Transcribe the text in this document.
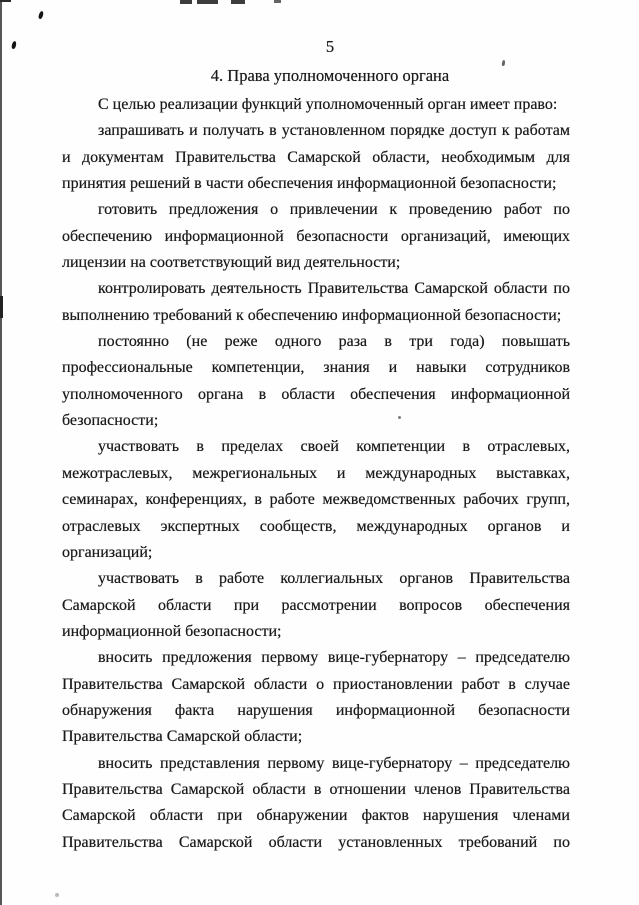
5
4. Права уполномоченного органа
С целью реализации функций уполномоченный орган имеет право:
запрашивать и получать в установленном порядке доступ к работам
и документам Правительства Самарской области, необходимым для
принятия решений в части обеспечения информационной безопасности;
готовить предложения о привлечении к проведению работ по
обеспечению информационной безопасности организаций, имеющих
лицензии на соответствующий вид деятельности;
контролировать деятельность Правительства Самарской области по
выполнению требований к обеспечению информационной безопасности;
постоянно (не реже одного раза в три года) повышать
профессиональные компетенции, знания и навыки сотрудников
уполномоченного органа в области обеспечения информационной
безопасности;
участвовать в пределах своей компетенции в отраслевых,
межотраслевых, межрегиональных и международных выставках,
семинарах, конференциях, в работе межведомственных рабочих групп,
отраслевых экспертных сообществ, международных органов и
организаций;
участвовать в работе коллегиальных органов Правительства
Самарской области при рассмотрении вопросов обеспечения
информационной безопасности;
вносить предложения первому вице-губернатору – председателю
Правительства Самарской области о приостановлении работ в случае
обнаружения факта нарушения информационной безопасности
Правительства Самарской области;
вносить представления первому вице-губернатору – председателю
Правительства Самарской области в отношении членов Правительства
Самарской области при обнаружении фактов нарушения членами
Правительства Самарской области установленных требований по
